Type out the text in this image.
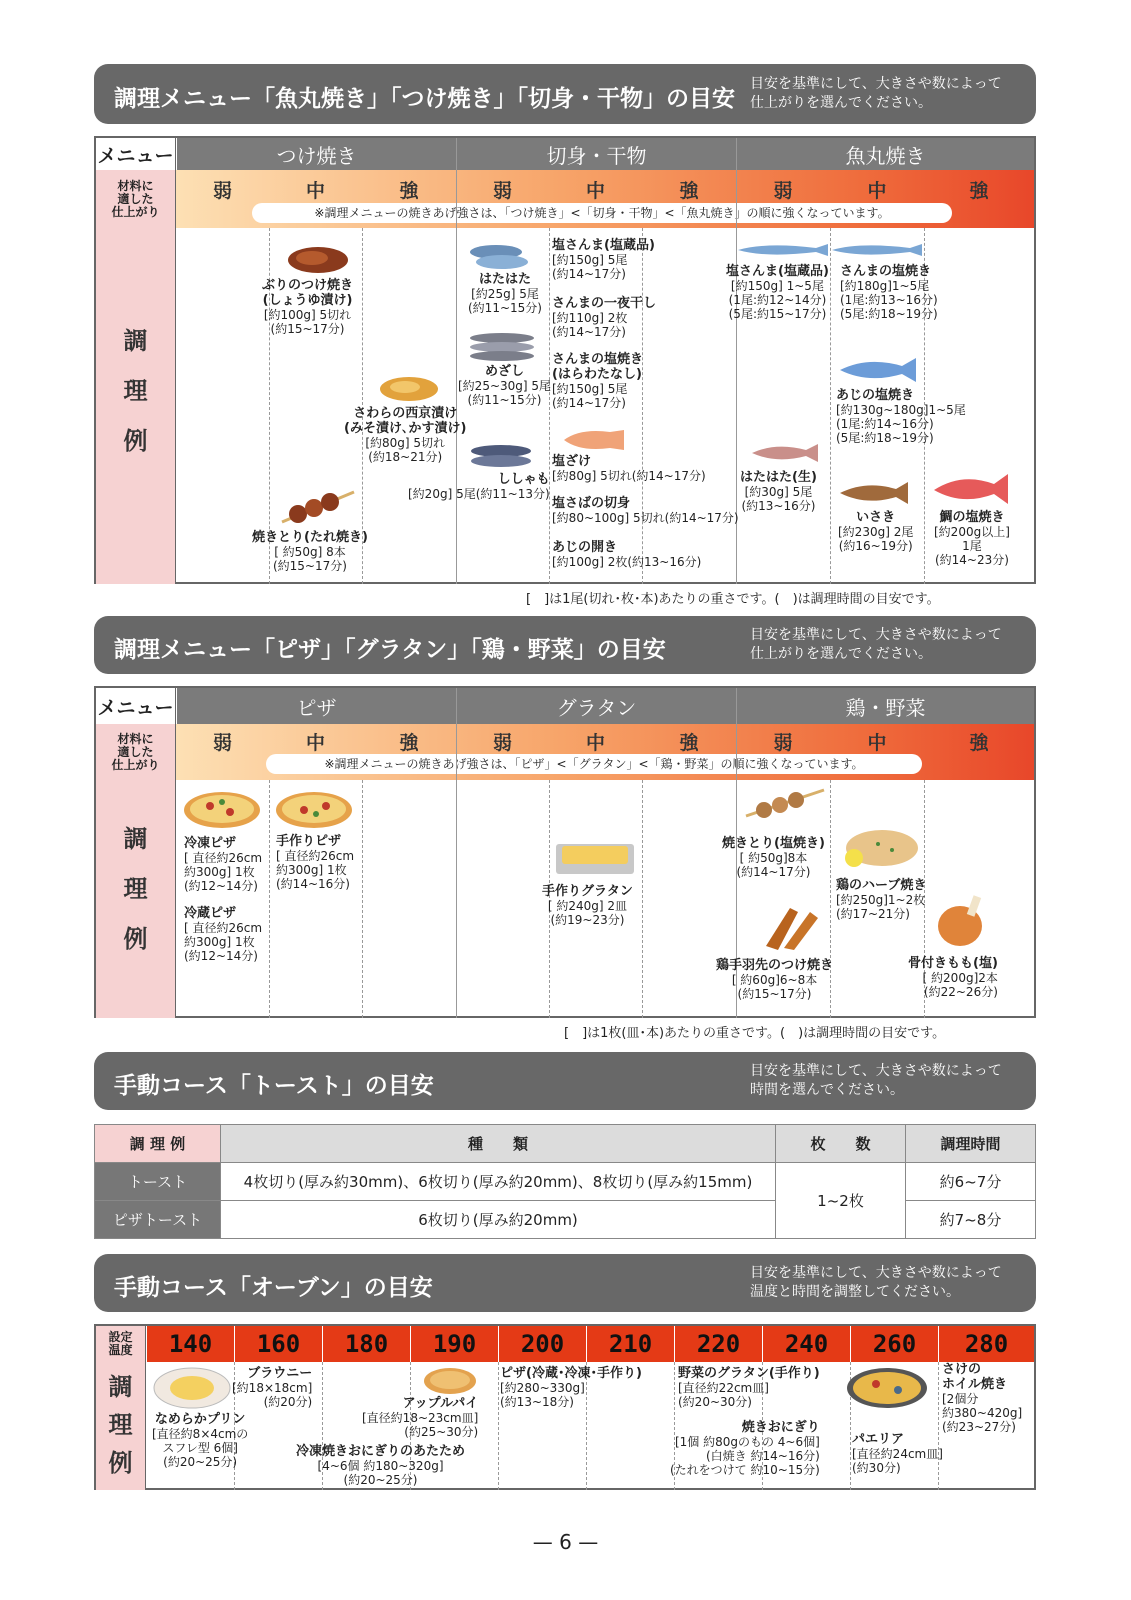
調理メニュー「魚丸焼き」「つけ焼き」「切身・干物」の目安
目安を基準にして、大きさや数によって
仕上がりを選んでください。
メニュー	つけ焼き	切身・干物	魚丸焼き
材料に
適した
仕上がり
弱	中	強	弱	中	強	弱	中	強
※調理メニューの焼きあげ強さは、「つけ焼き」<「切身・干物」<「魚丸焼き」の順に強くなっています。
調
理
例
ぶりのつけ焼き
(しょうゆ漬け)
[約100g] 5切れ
(約15~17分)
さわらの西京漬け
(みそ漬け､かす漬け)
[約80g] 5切れ
(約18~21分)
焼きとり(たれ焼き)
[ 約50g] 8本
(約15~17分)
はたはた
[約25g] 5尾
(約11~15分)
めざし
[約25~30g] 5尾
(約11~15分)
ししゃも
[約20g] 5尾(約11~13分)
塩さんま(塩蔵品)
[約150g] 5尾
(約14~17分)
さんまの一夜干し
[約110g] 2枚
(約14~17分)
さんまの塩焼き
(はらわたなし)
[約150g] 5尾
(約14~17分)
塩ざけ
[約80g] 5切れ(約14~17分)
塩さばの切身
[約80~100g] 5切れ(約14~17分)
あじの開き
[約100g] 2枚(約13~16分)
塩さんま(塩蔵品)
[約150g] 1~5尾
(1尾:約12~14分)
(5尾:約15~17分)
さんまの塩焼き
[約180g]1~5尾
(1尾:約13~16分)
(5尾:約18~19分)
あじの塩焼き
[約130g~180g]1~5尾
(1尾:約14~16分)
(5尾:約18~19分)
はたはた(生)
[約30g] 5尾
(約13~16分)
いさき
[約230g] 2尾
(約16~19分)
鯛の塩焼き
[約200g以上]
1尾
(約14~23分)
[　]は1尾(切れ･枚･本)あたりの重さです。(　)は調理時間の目安です。
調理メニュー「ピザ」「グラタン」「鶏・野菜」の目安
目安を基準にして、大きさや数によって
仕上がりを選んでください。
メニュー	ピザ	グラタン	鶏・野菜
材料に
適した
仕上がり
弱	中	強	弱	中	強	弱	中	強
※調理メニューの焼きあげ強さは、「ピザ」<「グラタン」<「鶏・野菜」の順に強くなっています。
調
理
例
冷凍ピザ
[ 直径約26cm
約300g] 1枚
(約12~14分)
冷蔵ピザ
[ 直径約26cm
約300g] 1枚
(約12~14分)
手作りピザ
[ 直径約26cm
約300g] 1枚
(約14~16分)	手作りグラタン
[ 約240g] 2皿
(約19~23分)
焼きとり(塩焼き)
[ 約50g]8本
(約14~17分)
鶏手羽先のつけ焼き
[ 約60g]6~8本
(約15~17分)
鶏のハーブ焼き
[約250g]1~2枚
(約17~21分)
骨付きもも(塩)
[ 約200g]2本
(約22~26分)
[　]は1枚(皿･本)あたりの重さです。(　)は調理時間の目安です。
手動コース「トースト」の目安
目安を基準にして、大きさや数によって
時間を選んでください。
調 理 例	種　　類	枚　　数	調理時間
トースト	4枚切り(厚み約30mm)、6枚切り(厚み約20mm)、8枚切り(厚み約15mm)	1~2枚	約6~7分
ピザトースト	6枚切り(厚み約20mm)		約7~8分
手動コース「オーブン」の目安
目安を基準にして、大きさや数によって
温度と時間を調整してください。
設定
温度	140	160	180	190	200	210	220	240	260	280
調
理
例
なめらかプリン
[直径約8×4cmの
スフレ型 6個]
(約20~25分)
ブラウニー
[約18×18cm]
(約20分)	アップルパイ
[直径約18~23cm皿]
(約25~30分)
冷凍焼きおにぎりのあたため
[4~6個 約180~320g]
(約20~25分)
ピザ(冷蔵･冷凍･手作り)
[約280~330g]
(約13~18分)
野菜のグラタン(手作り)
[直径約22cm皿]
(約20~30分)
焼きおにぎり
[1個 約80gのもの 4~6個]
(白焼き 約14~16分)
(たれをつけて 約10~15分)
パエリア
[直径約24cm皿]
(約30分)
さけの
ホイル焼き
[2個分
約380~420g]
(約23~27分)
— 6 —
